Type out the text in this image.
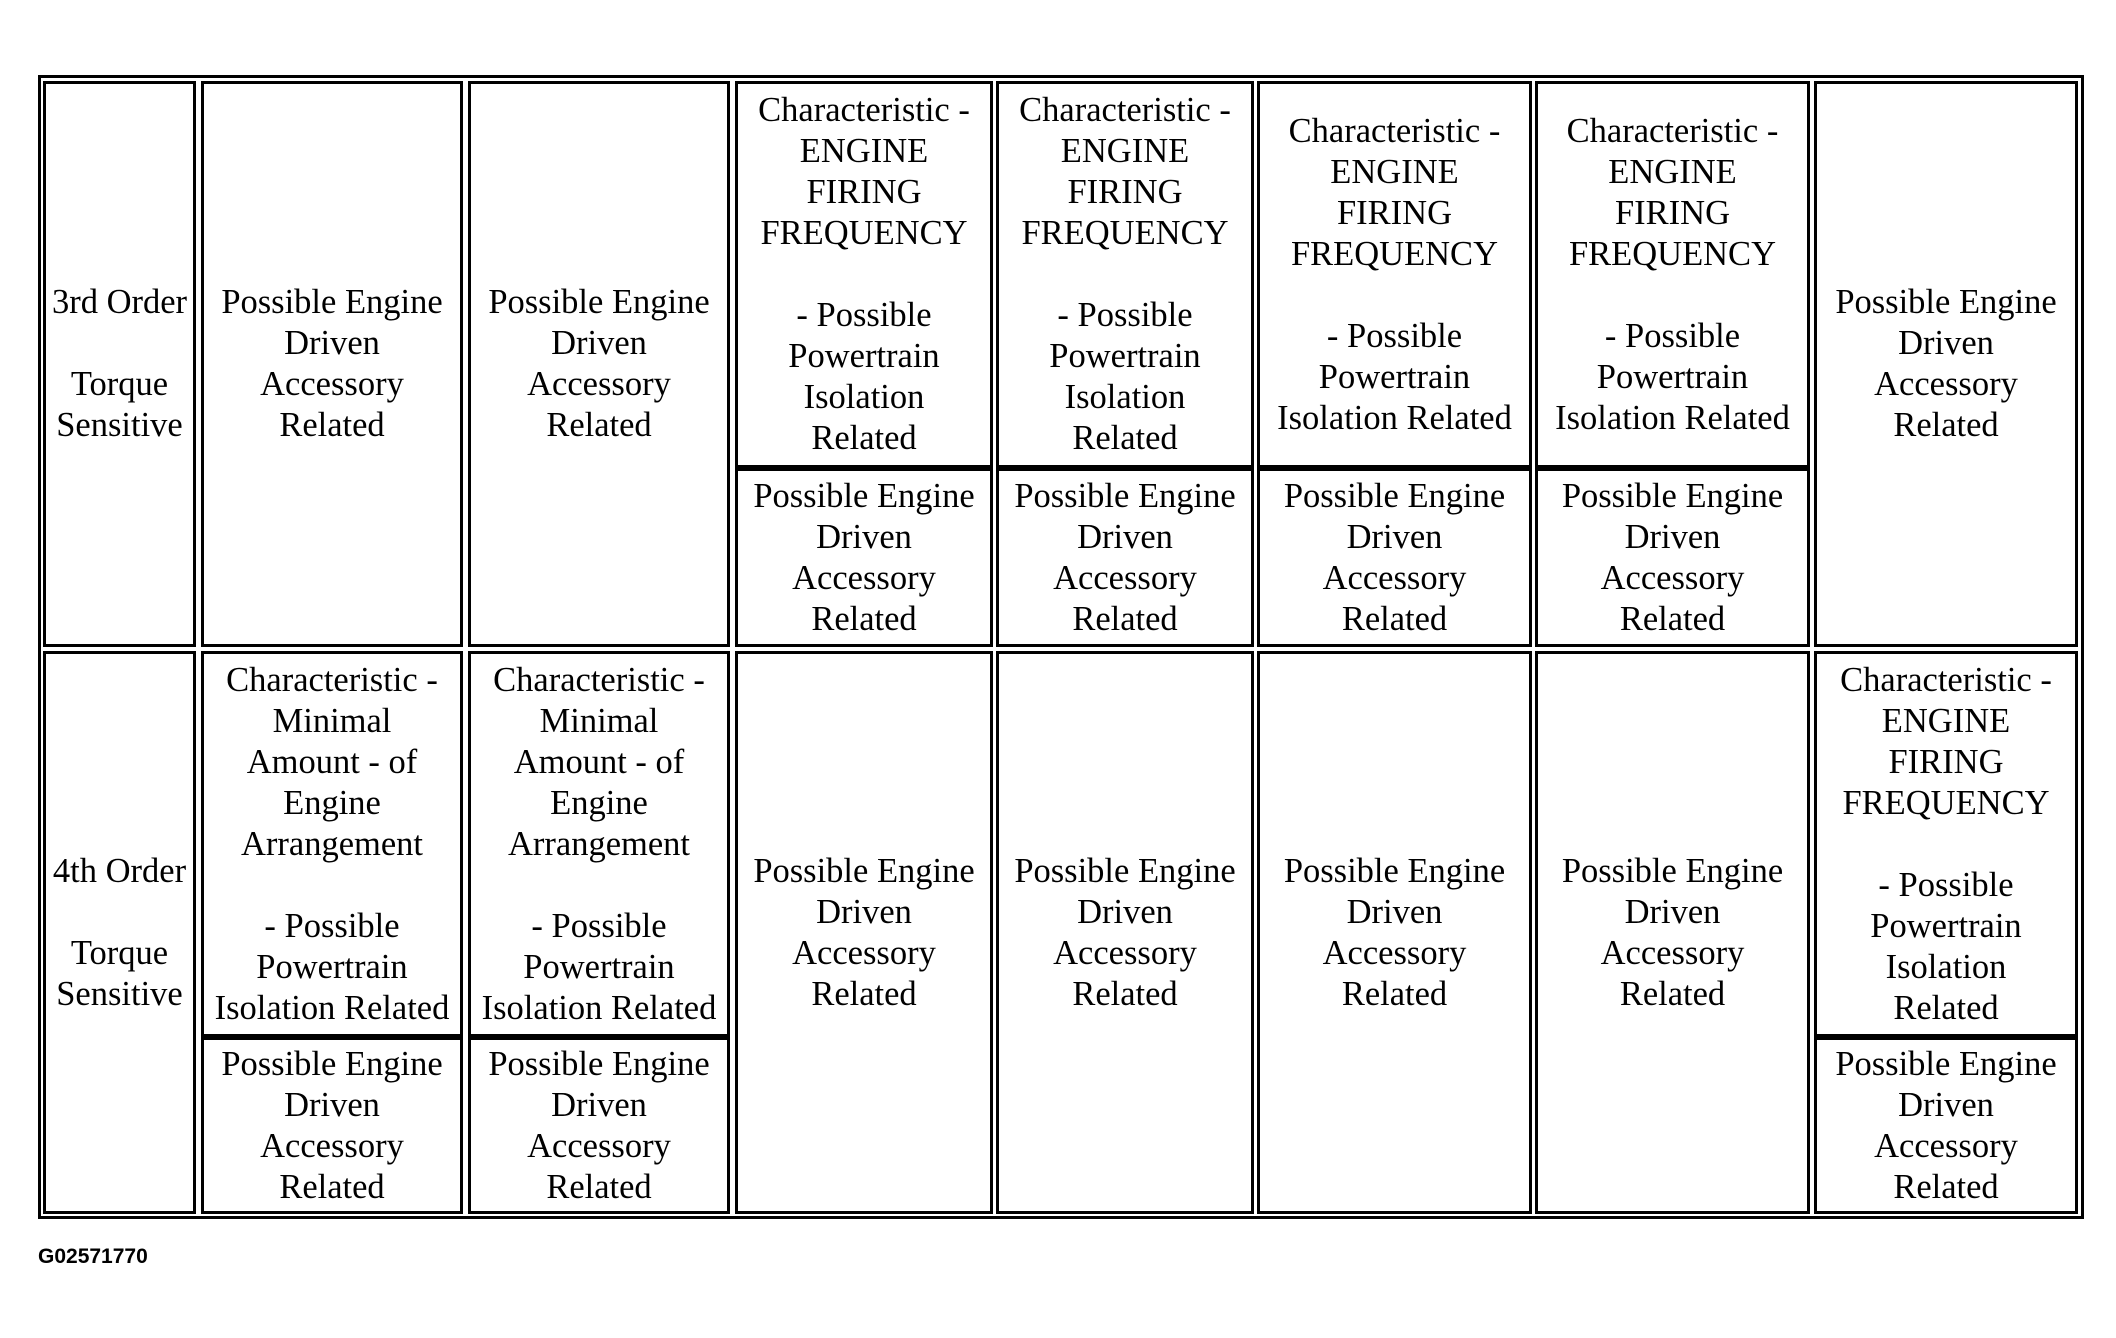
3rd Order

Torque
Sensitive
Possible Engine
Driven
Accessory
Related
Possible Engine
Driven
Accessory
Related
Characteristic -
ENGINE
FIRING
FREQUENCY

- Possible
Powertrain
Isolation
Related
Possible Engine
Driven
Accessory
Related
Characteristic -
ENGINE
FIRING
FREQUENCY

- Possible
Powertrain
Isolation
Related
Possible Engine
Driven
Accessory
Related
Characteristic -
ENGINE
FIRING
FREQUENCY

- Possible
Powertrain
Isolation Related
Possible Engine
Driven
Accessory
Related
Characteristic -
ENGINE
FIRING
FREQUENCY

- Possible
Powertrain
Isolation Related
Possible Engine
Driven
Accessory
Related
Possible Engine
Driven
Accessory
Related
4th Order

Torque
Sensitive
Characteristic -
Minimal
Amount - of
Engine
Arrangement

- Possible
Powertrain
Isolation Related
Possible Engine
Driven
Accessory
Related
Characteristic -
Minimal
Amount - of
Engine
Arrangement

- Possible
Powertrain
Isolation Related
Possible Engine
Driven
Accessory
Related
Possible Engine
Driven
Accessory
Related
Possible Engine
Driven
Accessory
Related
Possible Engine
Driven
Accessory
Related
Possible Engine
Driven
Accessory
Related
Characteristic -
ENGINE
FIRING
FREQUENCY

- Possible
Powertrain
Isolation
Related
Possible Engine
Driven
Accessory
Related
G02571770
